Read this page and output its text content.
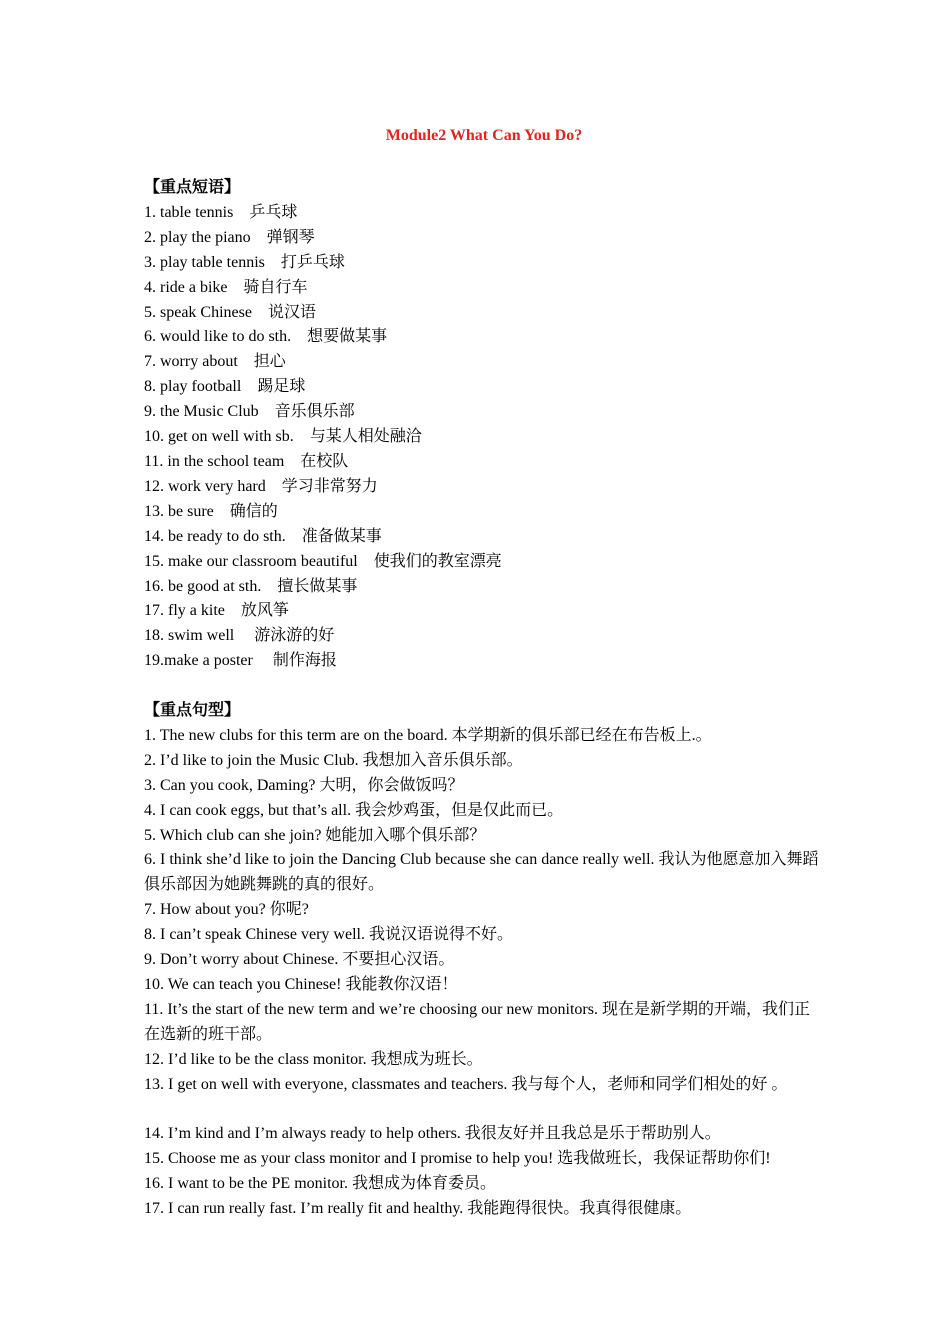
Module2 What Can You Do?
【重点短语】
1. table tennis　乒乓球
2. play the piano　弹钢琴
3. play table tennis　打乒乓球
4. ride a bike　骑自行车
5. speak Chinese　说汉语
6. would like to do sth.　想要做某事
7. worry about　担心
8. play football　踢足球
9. the Music Club　音乐俱乐部
10. get on well with sb.　与某人相处融洽
11. in the school team　在校队
12. work very hard　学习非常努力
13. be sure　确信的
14. be ready to do sth.　准备做某事
15. make our classroom beautiful　使我们的教室漂亮
16. be good at sth.　擅长做某事
17. fly a kite　放风筝
18. swim well　 游泳游的好
19.make a poster　 制作海报
【重点句型】
1. The new clubs for this term are on the board. 本学期新的俱乐部已经在布告板上.。
2. I’d like to join the Music Club. 我想加入音乐俱乐部。
3. Can you cook, Daming? 大明，你会做饭吗？
4. I can cook eggs, but that’s all. 我会炒鸡蛋，但是仅此而已。
5. Which club can she join? 她能加入哪个俱乐部？
6. I think she’d like to join the Dancing Club because she can dance really well. 我认为他愿意加入舞蹈俱乐部因为她跳舞跳的真的很好。
7. How about you? 你呢?
8. I can’t speak Chinese very well. 我说汉语说得不好。
9. Don’t worry about Chinese. 不要担心汉语。
10. We can teach you Chinese! 我能教你汉语！
11. It’s the start of the new term and we’re choosing our new monitors. 现在是新学期的开端，我们正在选新的班干部。
12. I’d like to be the class monitor. 我想成为班长。
13. I get on well with everyone, classmates and teachers. 我与每个人，老师和同学们相处的好 。
14. I’m kind and I’m always ready to help others. 我很友好并且我总是乐于帮助别人。
15. Choose me as your class monitor and I promise to help you! 选我做班长，我保证帮助你们!
16. I want to be the PE monitor. 我想成为体育委员。
17. I can run really fast. I’m really fit and healthy. 我能跑得很快。我真得很健康。
